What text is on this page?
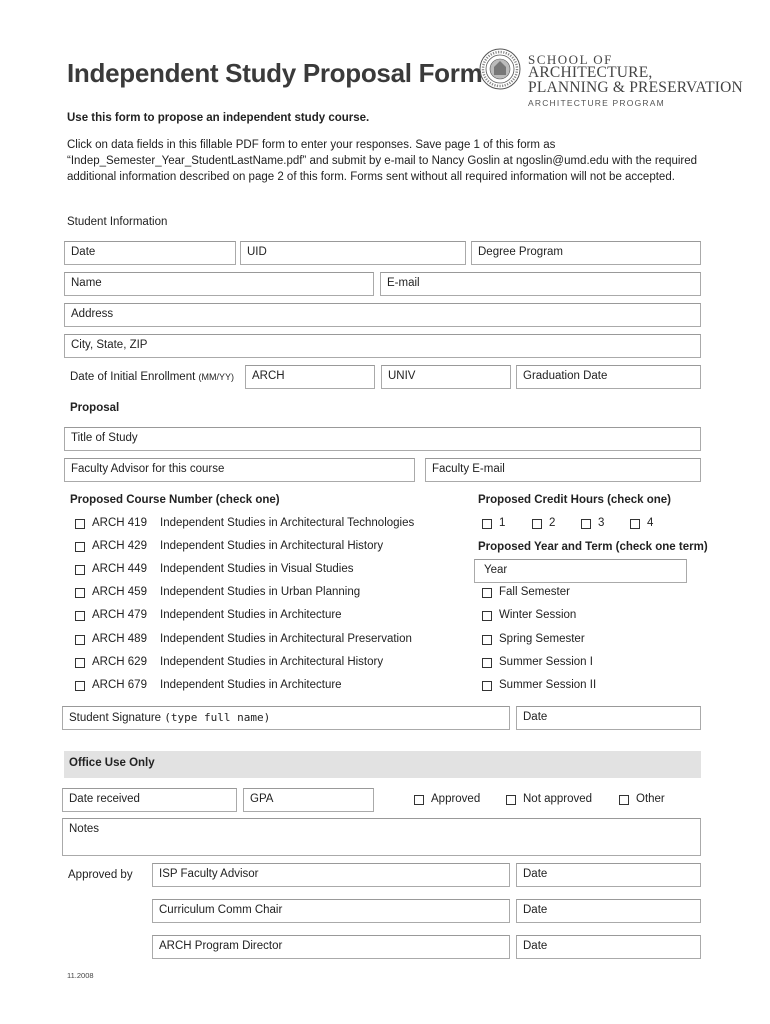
Independent Study Proposal Form	SCHOOL OF
ARCHITECTURE,
PLANNING & PRESERVATION
ARCHITECTURE PROGRAM
Use this form to propose an independent study course.
Click on data fields in this fillable PDF form to enter your responses. Save page 1 of this form as
“Indep_Semester_Year_StudentLastName.pdf” and submit by e-mail to Nancy Goslin at ngoslin@umd.edu with the required
additional information described on page 2 of this form. Forms sent without all required information will not be accepted.
Student Information
Date	UID	Degree Program
Name	E-mail
Address
City, State, ZIP
Date of Initial Enrollment (MM/YY) ARCH	UNIV	Graduation Date
Proposal
Title of Study
Faculty Advisor for this course	Faculty E-mail
Proposed Course Number (check one)	Proposed Credit Hours (check one)
ARCH 419 Independent Studies in Architectural Technologies
ARCH 429 Independent Studies in Architectural History
ARCH 449 Independent Studies in Visual Studies
ARCH 459 Independent Studies in Urban Planning
ARCH 479 Independent Studies in Architecture
ARCH 489 Independent Studies in Architectural Preservation
ARCH 629 Independent Studies in Architectural History
ARCH 679 Independent Studies in Architecture
1	2	3	4
Proposed Year and Term (check one term)
Year
Fall Semester
Winter Session
Spring Semester
Summer Session I
Summer Session II
Student Signature (type full name)	Date
Office Use Only
Date received	GPA	Approved	Not approved	Other
Notes
Approved by ISP Faculty Advisor	Date
Curriculum Comm Chair	Date
ARCH Program Director	Date
11.2008
